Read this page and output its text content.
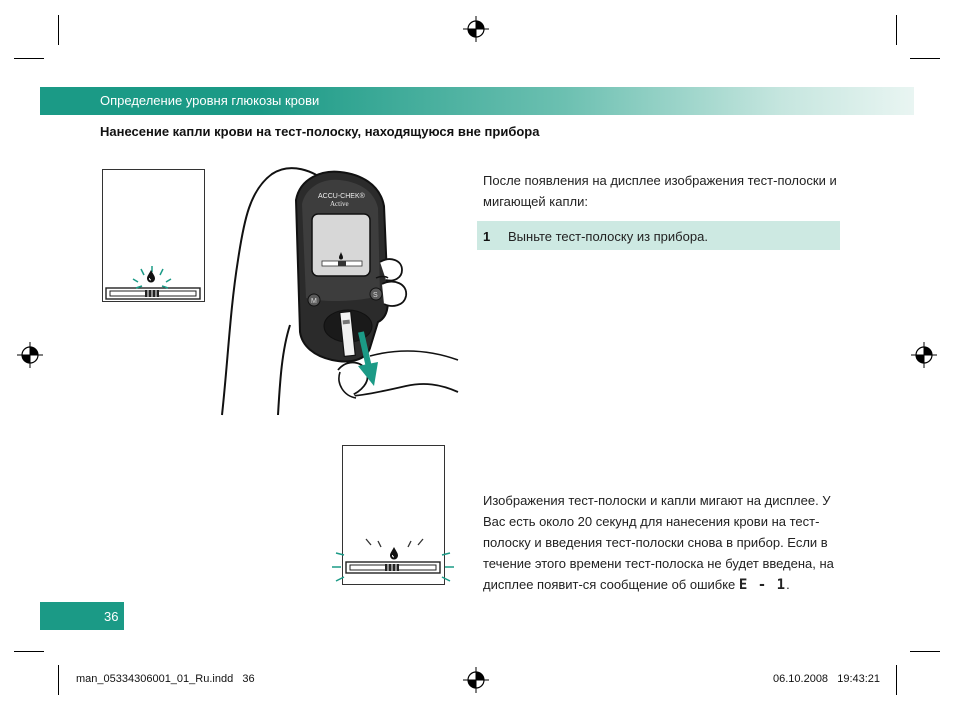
Определение уровня глюкозы крови
Нанесение капли крови на тест-полоску, находящуюся вне прибора
ACCU-CHEK®
Active
M
S
После появления на дисплее изображения тест-полоски и мигающей капли:
1 Выньте тест-полоску из прибора.
Изображения тест-полоски и капли мигают на дисплее. У Вас есть около 20 секунд для нанесения крови на тест-полоску и введения тест-полоски снова в прибор. Если в течение этого времени тест-полоска не будет введена, на дисплее появит-ся сообщение об ошибке E - 1.
36
man_05334306001_01_Ru.indd   36	06.10.2008   19:43:21
